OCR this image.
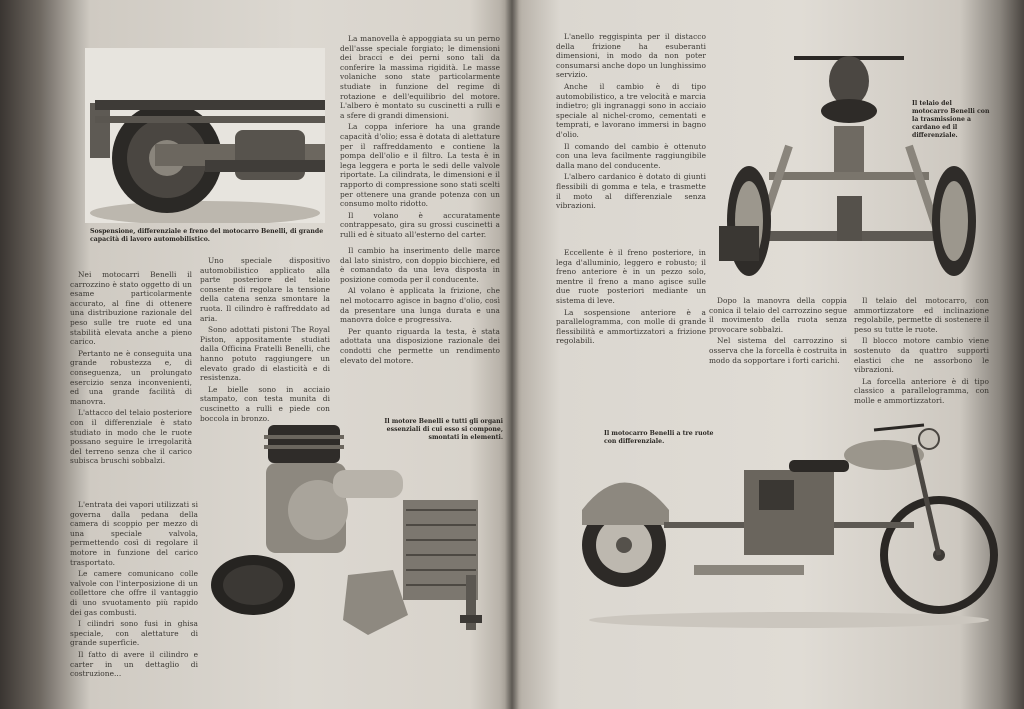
Sospensione, differenziale e freno del motocarro Benelli, di grande capacità di lavoro automobilistico.

La manovella è appoggiata su un perno dell'asse speciale forgiato; le dimensioni dei bracci e dei perni sono tali da conferire la massima rigidità. Le masse volaniche sono state particolarmente studiate in funzione del regime di rotazione e dell'equilibrio del motore. L'albero è montato su cuscinetti a rulli e a sfere di grandi dimensioni.

La coppa inferiore ha una grande capacità d'olio; essa è dotata di alettature per il raffreddamento e contiene la pompa dell'olio e il filtro. La testa è in lega leggera e porta le sedi delle valvole riportate. La cilindrata, le dimensioni e il rapporto di compressione sono stati scelti per ottenere una grande potenza con un consumo molto ridotto.

Il volano è accuratamente contrappesato, gira su grossi cuscinetti a rulli ed è situato all'esterno del carter.

Nei motocarri Benelli il carrozzino è stato oggetto di un esame particolarmente accurato, al fine di ottenere una distribuzione razionale del peso sulle tre ruote ed una stabilità elevata anche a pieno carico.

Pertanto ne è conseguita una grande robustezza e, di conseguenza, un prolungato esercizio senza inconvenienti, ed una grande facilità di manovra.

L'attacco del telaio posteriore con il differenziale è stato studiato in modo che le ruote possano seguire le irregolarità del terreno senza che il carico subisca bruschi sobbalzi.

Uno speciale dispositivo automobilistico applicato alla parte posteriore del telaio consente di regolare la tensione della catena senza smontare la ruota. Il cilindro è raffreddato ad aria.

Sono adottati pistoni The Royal Piston, appositamente studiati dalla Officina Fratelli Benelli, che hanno potuto raggiungere un elevato grado di elasticità e di resistenza.

Le bielle sono in acciaio stampato, con testa munita di cuscinetto a rulli e piede con boccola in bronzo.

Il cambio ha inserimento delle marce dal lato sinistro, con doppio bicchiere, ed è comandato da una leva disposta in posizione comoda per il conducente.

Al volano è applicata la frizione, che nel motocarro agisce in bagno d'olio, così da presentare una lunga durata e una manovra dolce e progressiva.

Per quanto riguarda la testa, è stata adottata una disposizione razionale dei condotti che permette un rendimento elevato del motore.

L'entrata dei vapori utilizzati si governa dalla pedana della camera di scoppio per mezzo di una speciale valvola, permettendo così di regolare il motore in funzione del carico trasportato.

Le camere comunicano colle valvole con l'interposizione di un collettore che offre il vantaggio di uno svuotamento più rapido dei gas combusti.

I cilindri sono fusi in ghisa speciale, con alettature di grande superficie.

Il fatto di avere il cilindro e carter in un dettaglio di costruzione...

Il motore Benelli e tutti gli organi essenziali di cui esso si compone, smontati in elementi.

L'anello reggispinta per il distacco della frizione ha esuberanti dimensioni, in modo da non poter consumarsi anche dopo un lunghissimo servizio.

Anche il cambio è di tipo automobilistico, a tre velocità e marcia indietro; gli ingranaggi sono in acciaio speciale al nichel-cromo, cementati e temprati, e lavorano immersi in bagno d'olio.

Il comando del cambio è ottenuto con una leva facilmente raggiungibile dalla mano del conducente.

L'albero cardanico è dotato di giunti flessibili di gomma e tela, e trasmette il moto al differenziale senza vibrazioni.

Eccellente è il freno posteriore, in lega d'alluminio, leggero e robusto; il freno anteriore è in un pezzo solo, mentre il freno a mano agisce sulle due ruote posteriori mediante un sistema di leve.

La sospensione anteriore è a parallelogramma, con molle di grande flessibilità e ammortizzatori a frizione regolabili.

Il telaio del motocarro Benelli con la trasmissione a cardano ed il differenziale.

Dopo la manovra della coppia conica il telaio del carrozzino segue il movimento della ruota senza provocare sobbalzi.

Nel sistema del carrozzino si osserva che la forcella è costruita in modo da sopportare i forti carichi.

Il telaio del motocarro, con ammortizzatore ed inclinazione regolabile, permette di sostenere il peso su tutte le ruote.

Il blocco motore cambio viene sostenuto da quattro supporti elastici che ne assorbono le vibrazioni.

La forcella anteriore è di tipo classico a parallelogramma, con molle e ammortizzatori.

Il motocarro Benelli a tre ruote con differenziale.
